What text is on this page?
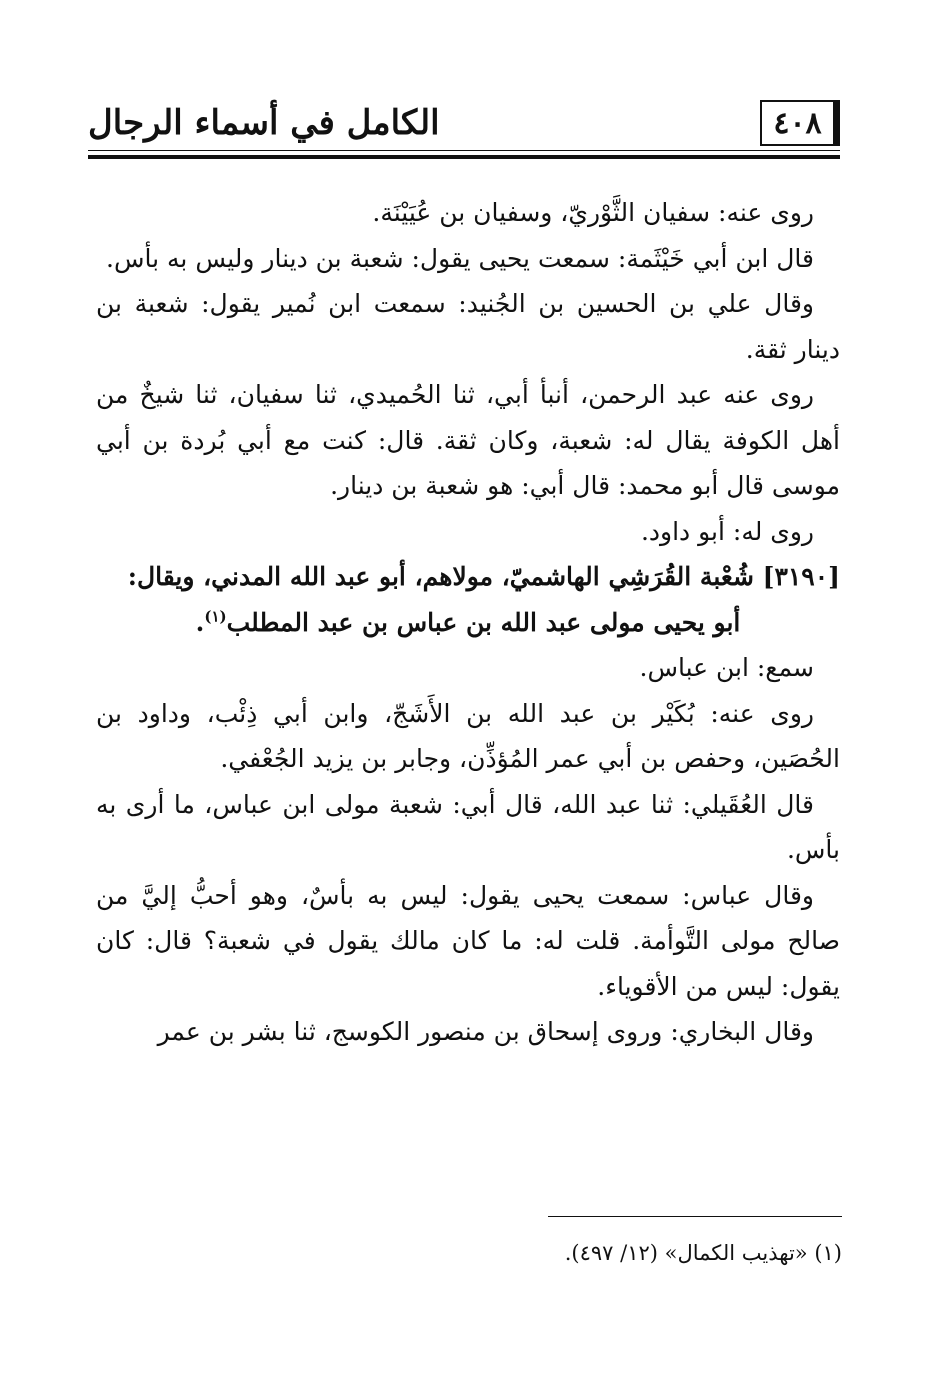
الكامل في أسماء الرجال	٤٠٨

روى عنه: سفيان الثَّوْريّ، وسفيان بن عُيَيْنَة.

قال ابن أبي خَيْثَمة: سمعت يحيى يقول: شعبة بن دينار وليس به بأس.

وقال علي بن الحسين بن الجُنيد: سمعت ابن نُمير يقول: شعبة بن دينار ثقة.

روى عنه عبد الرحمن، أنبأ أبي، ثنا الحُميدي، ثنا سفيان، ثنا شيخٌ من أهل الكوفة يقال له: شعبة، وكان ثقة. قال: كنت مع أبي بُردة بن أبي موسى قال أبو محمد: قال أبي: هو شعبة بن دينار.

روى له: أبو داود.

[٣١٩٠] شُعْبة القُرَشِي الهاشميّ، مولاهم، أبو عبد الله المدني، ويقال:
أبو يحيى مولى عبد الله بن عباس بن عبد المطلب$^{(١)}$.

سمع: ابن عباس.

روى عنه: بُكَيْر بن عبد الله بن الأَشَجّ، وابن أبي ذِئْب، وداود بن الحُصَين، وحفص بن أبي عمر المُؤذِّن، وجابر بن يزيد الجُعْفي.

قال العُقَيلي: ثنا عبد الله، قال أبي: شعبة مولى ابن عباس، ما أرى به بأس.

وقال عباس: سمعت يحيى يقول: ليس به بأسٌ، وهو أحبُّ إليَّ من صالح مولى التَّوأمة. قلت له: ما كان مالك يقول في شعبة؟ قال: كان يقول: ليس من الأقوياء.

وقال البخاري: وروى إسحاق بن منصور الكوسج، ثنا بشر بن عمر

(١) «تهذيب الكمال» (١٢/ ٤٩٧).
